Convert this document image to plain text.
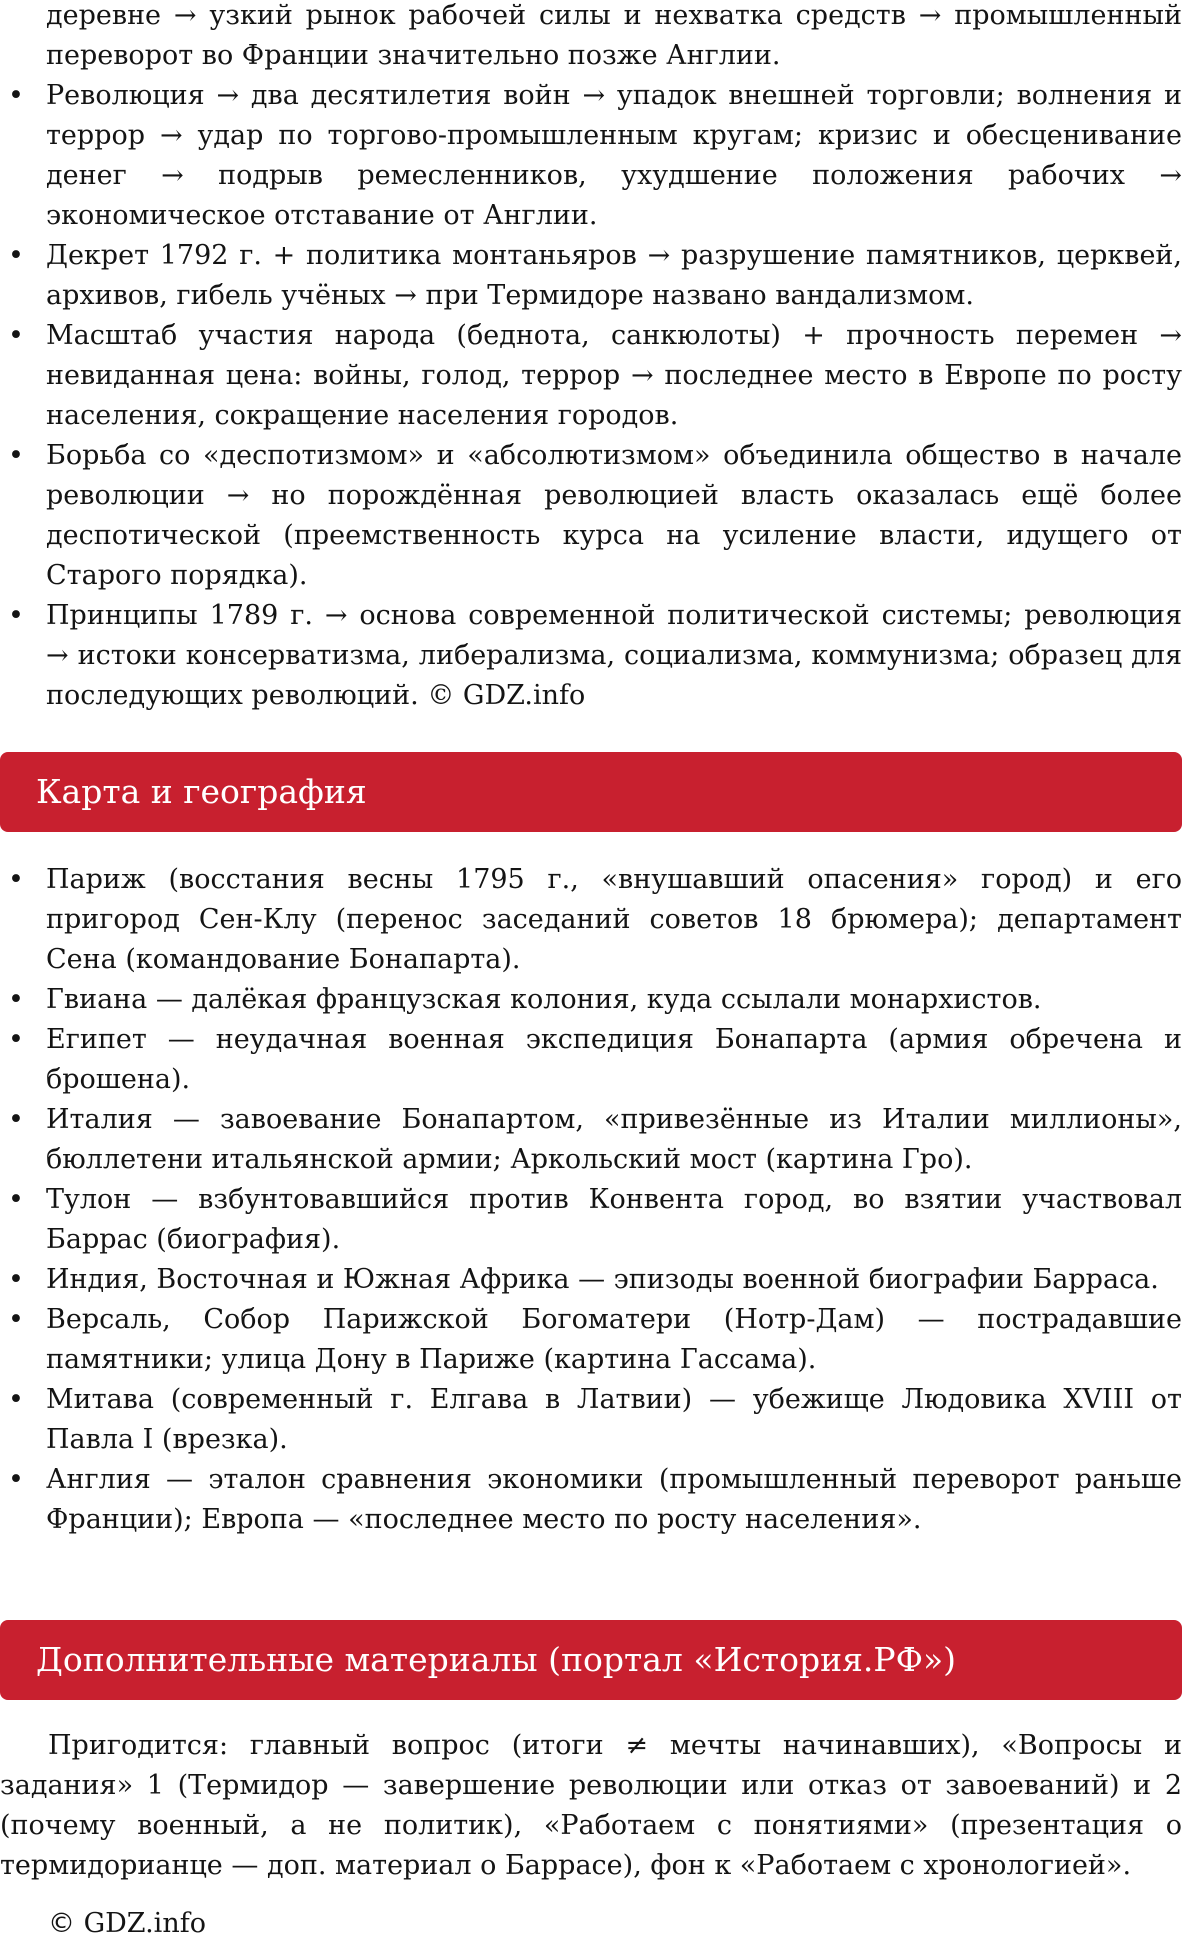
деревне → узкий рынок рабочей силы и нехватка средств → промышленный переворот во Франции значительно позже Англии.

• Революция → два десятилетия войн → упадок внешней торговли; волнения и террор → удар по торгово-промышленным кругам; кризис и обесценивание денег → подрыв ремесленников, ухудшение положения рабочих → экономическое отставание от Англии.
• Декрет 1792 г. + политика монтаньяров → разрушение памятников, церквей, архивов, гибель учёных → при Термидоре названо вандализмом.
• Масштаб участия народа (беднота, санкюлоты) + прочность перемен → невиданная цена: войны, голод, террор → последнее место в Европе по росту населения, сокращение населения городов.
• Борьба со «деспотизмом» и «абсолютизмом» объединила общество в начале революции → но порождённая революцией власть оказалась ещё более деспотической (преемственность курса на усиление власти, идущего от Старого порядка).
• Принципы 1789 г. → основа современной политической системы; революция → истоки консерватизма, либерализма, социализма, коммунизма; образец для последующих революций. © GDZ.info
Карта и география
• Париж (восстания весны 1795 г., «внушавший опасения» город) и его пригород Сен-Клу (перенос заседаний советов 18 брюмера); департамент Сена (командование Бонапарта).
• Гвиана — далёкая французская колония, куда ссылали монархистов.
• Египет — неудачная военная экспедиция Бонапарта (армия обречена и брошена).
• Италия — завоевание Бонапартом, «привезённые из Италии миллионы», бюллетени итальянской армии; Аркольский мост (картина Гро).
• Тулон — взбунтовавшийся против Конвента город, во взятии участвовал Баррас (биография).
• Индия, Восточная и Южная Африка — эпизоды военной биографии Барраса.
• Версаль, Собор Парижской Богоматери (Нотр-Дам) — пострадавшие памятники; улица Дону в Париже (картина Гассама).
• Митава (современный г. Елгава в Латвии) — убежище Людовика XVIII от Павла I (врезка).
• Англия — эталон сравнения экономики (промышленный переворот раньше Франции); Европа — «последнее место по росту населения».
Дополнительные материалы (портал «История.РФ»)

Пригодится: главный вопрос (итоги ≠ мечты начинавших), «Вопросы и задания» 1 (Термидор — завершение революции или отказ от завоеваний) и 2 (почему военный, а не политик), «Работаем с понятиями» (презентация о термидорианце — доп. материал о Баррасе), фон к «Работаем с хронологией».

© GDZ.info
